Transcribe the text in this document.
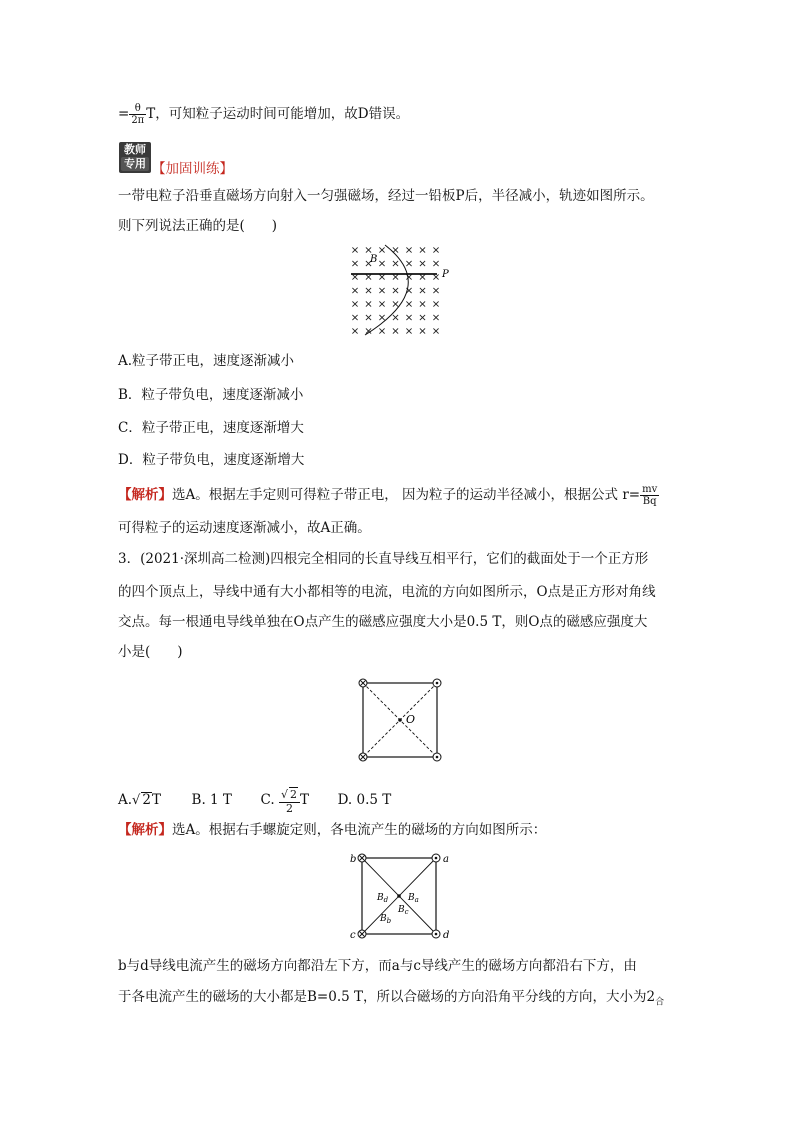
= $\frac{\theta}{2\pi}$ T，可知粒子运动时间可能增加，故D错误。
教师
专用 【加固训练】
一带电粒子沿垂直磁场方向射入一匀强磁场，经过一铅板P后，半径减小，轨迹如图所示。
则下列说法正确的是(　　)
B
P
A.粒子带正电，速度逐渐减小
B．粒子带负电，速度逐渐减小
C．粒子带正电，速度逐渐增大
D．粒子带负电，速度逐渐增大
【解析】选A。根据左手定则可得粒子带正电， 因为粒子的运动半径减小，根据公式 $r= \frac{mv}{Bq}$
可得粒子的运动速度逐渐减小，故A正确。
3．(2021·深圳高二检测)四根完全相同的长直导线互相平行，它们的截面处于一个正方形
的四个顶点上，导线中通有大小都相等的电流，电流的方向如图所示，O点是正方形对角线
交点。每一根通电导线单独在O点产生的磁感应强度大小是0.5 T，则O点的磁感应强度大
小是(　　)
O
A.√ 2T B. 1 T C. $\frac{√ 2}{2}$ T D. 0.5 T
【解析】选A。根据右手螺旋定则，各电流产生的磁场的方向如图所示：
b	a
c	d
$B_d$ $B_a$
$B_c$
$B_b$
b与d导线电流产生的磁场方向都沿左下方，而a与c导线产生的磁场方向都沿右下方，由
于各电流产生的磁场的大小都是B=0.5 T，所以合磁场的方向沿角平分线的方向，大小为$2_合$
